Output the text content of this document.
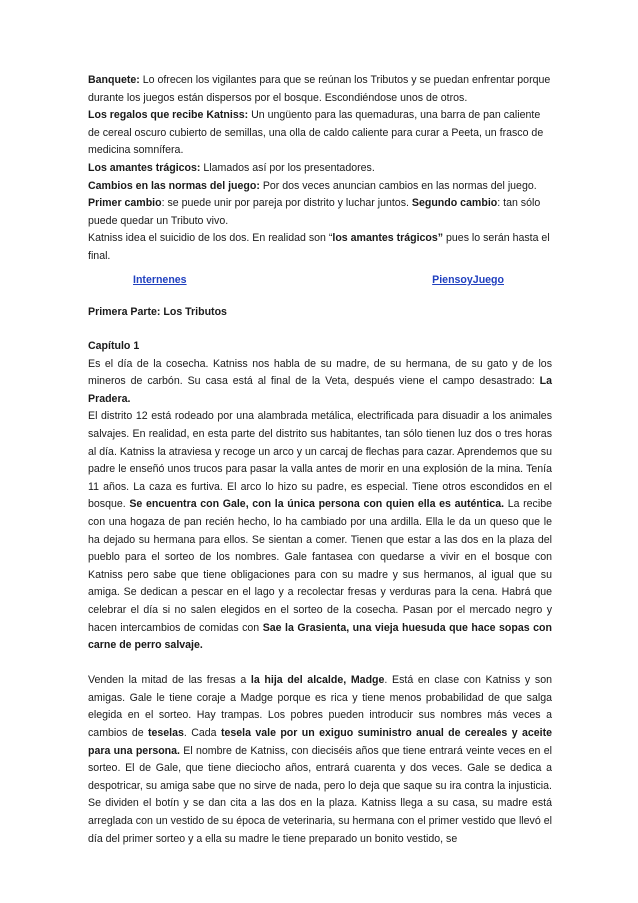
Banquete: Lo ofrecen los vigilantes para que se reúnan los Tributos y se puedan enfrentar porque durante los juegos están dispersos por el bosque. Escondiéndose unos de otros.

Los regalos que recibe Katniss: Un ungüento para las quemaduras, una barra de pan caliente de cereal oscuro cubierto de semillas, una olla de caldo caliente para curar a Peeta, un frasco de medicina somnífera.

Los amantes trágicos: Llamados así por los presentadores.

Cambios en las normas del juego: Por dos veces anuncian cambios en las normas del juego.

Primer cambio: se puede unir por pareja por distrito y luchar juntos. Segundo cambio: tan sólo puede quedar un Tributo vivo.

Katniss idea el suicidio de los dos. En realidad son “los amantes trágicos” pues lo serán hasta el final.

Internenes	PiensoyJuego
Primera Parte: Los Tributos

Capítulo 1

Es el día de la cosecha. Katniss nos habla de su madre, de su hermana, de su gato y de los mineros de carbón. Su casa está al final de la Veta, después viene el campo desastrado: La Pradera.

El distrito 12 está rodeado por una alambrada metálica, electrificada para disuadir a los animales salvajes. En realidad, en esta parte del distrito sus habitantes, tan sólo tienen luz dos o tres horas al día. Katniss la atraviesa y recoge un arco y un carcaj de flechas para cazar. Aprendemos que su padre le enseñó unos trucos para pasar la valla antes de morir en una explosión de la mina. Tenía 11 años. La caza es furtiva. El arco lo hizo su padre, es especial. Tiene otros escondidos en el bosque. Se encuentra con Gale, con la única persona con quien ella es auténtica. La recibe con una hogaza de pan recién hecho, lo ha cambiado por una ardilla. Ella le da un queso que le ha dejado su hermana para ellos. Se sientan a comer. Tienen que estar a las dos en la plaza del pueblo para el sorteo de los nombres. Gale fantasea con quedarse a vivir en el bosque con Katniss pero sabe que tiene obligaciones para con su madre y sus hermanos, al igual que su amiga. Se dedican a pescar en el lago y a recolectar fresas y verduras para la cena. Habrá que celebrar el día si no salen elegidos en el sorteo de la cosecha. Pasan por el mercado negro y hacen intercambios de comidas con Sae la Grasienta, una vieja huesuda que hace sopas con carne de perro salvaje.

Venden la mitad de las fresas a la hija del alcalde, Madge. Está en clase con Katniss y son amigas. Gale le tiene coraje a Madge porque es rica y tiene menos probabilidad de que salga elegida en el sorteo. Hay trampas. Los pobres pueden introducir sus nombres más veces a cambios de teselas. Cada tesela vale por un exiguo suministro anual de cereales y aceite para una persona. El nombre de Katniss, con dieciséis años que tiene entrará veinte veces en el sorteo. El de Gale, que tiene dieciocho años, entrará cuarenta y dos veces. Gale se dedica a despotricar, su amiga sabe que no sirve de nada, pero lo deja que saque su ira contra la injusticia. Se dividen el botín y se dan cita a las dos en la plaza. Katniss llega a su casa, su madre está arreglada con un vestido de su época de veterinaria, su hermana con el primer vestido que llevó el día del primer sorteo y a ella su madre le tiene preparado un bonito vestido, se
